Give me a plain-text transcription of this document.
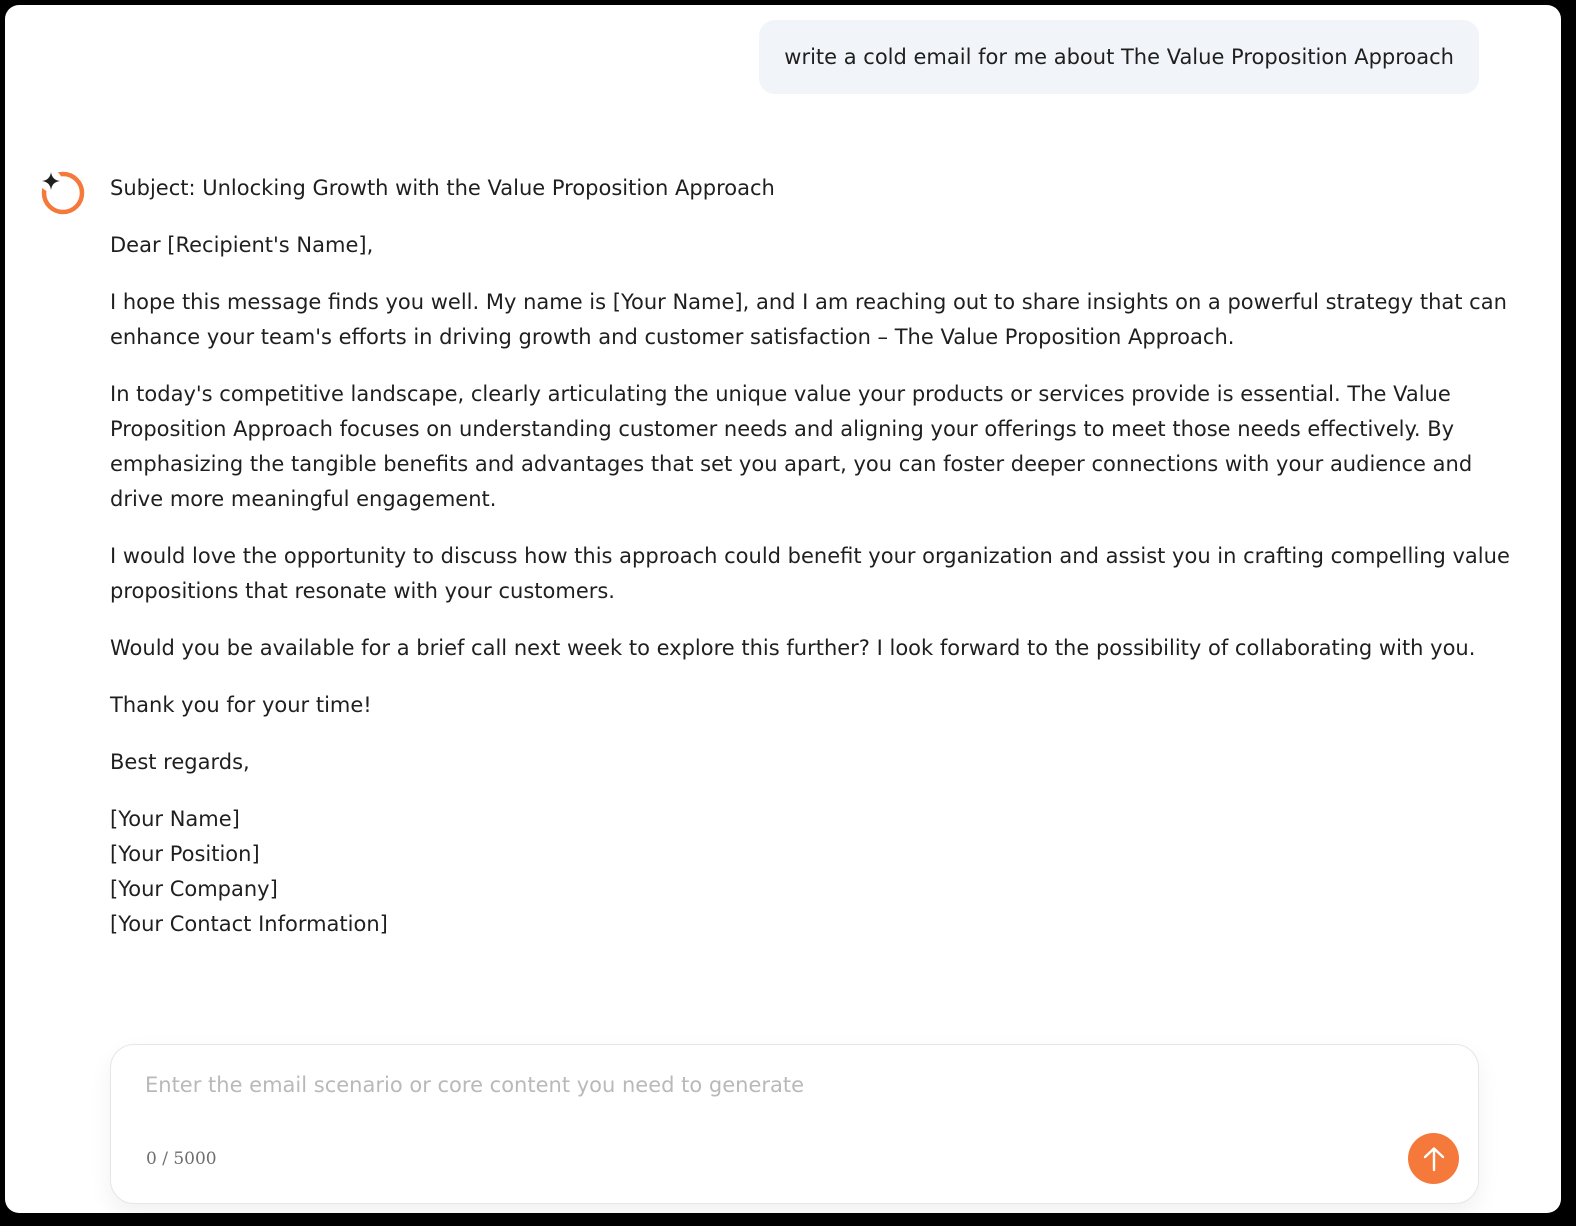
write a cold email for me about The Value Proposition Approach

Subject: Unlocking Growth with the Value Proposition Approach

Dear [Recipient's Name],

I hope this message finds you well. My name is [Your Name], and I am reaching out to share insights on a powerful strategy that can enhance your team's efforts in driving growth and customer satisfaction – The Value Proposition Approach.

In today's competitive landscape, clearly articulating the unique value your products or services provide is essential. The Value Proposition Approach focuses on understanding customer needs and aligning your offerings to meet those needs effectively. By emphasizing the tangible benefits and advantages that set you apart, you can foster deeper connections with your audience and drive more meaningful engagement.

I would love the opportunity to discuss how this approach could benefit your organization and assist you in crafting compelling value propositions that resonate with your customers.

Would you be available for a brief call next week to explore this further? I look forward to the possibility of collaborating with you.

Thank you for your time!

Best regards,

[Your Name]

[Your Position]

[Your Company]

[Your Contact Information]

Enter the email scenario or core content you need to generate
0 / 5000
